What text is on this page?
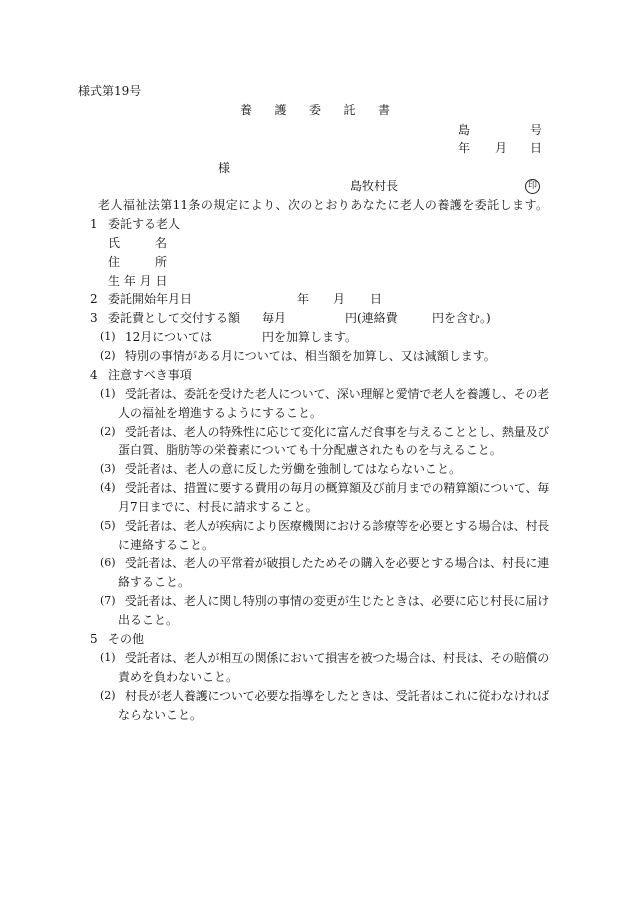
様式第19号
養 護 委 託 書
島	号
年 月 日
様
島牧村長	印
老人福祉法第11条の規定により、次のとおりあなたに老人の養護を委託します。
1 委託する老人
氏	名
住	所
生 年 月 日
2 委託開始年月日	年 月 日
3 委託費として交付する額 毎月	円(連絡費	円を含む。)
(1) 12月については	円を加算します。
(2) 特別の事情がある月については、相当額を加算し、又は減額します。
4 注意すべき事項
(1) 受託者は、委託を受けた老人について、深い理解と愛情で老人を養護し、その老
人の福祉を増進するようにすること。
(2) 受託者は、老人の特殊性に応じて変化に富んだ食事を与えることとし、熱量及び
蛋白質、脂肪等の栄養素についても十分配慮されたものを与えること。
(3) 受託者は、老人の意に反した労働を強制してはならないこと。
(4) 受託者は、措置に要する費用の毎月の概算額及び前月までの精算額について、毎
月7日までに、村長に請求すること。
(5) 受託者は、老人が疾病により医療機関における診療等を必要とする場合は、村長
に連絡すること。
(6) 受託者は、老人の平常着が破損したためその購入を必要とする場合は、村長に連
絡すること。
(7) 受託者は、老人に関し特別の事情の変更が生じたときは、必要に応じ村長に届け
出ること。
5 その他
(1) 受託者は、老人が相互の関係において損害を被つた場合は、村長は、その賠償の
責めを負わないこと。
(2) 村長が老人養護について必要な指導をしたときは、受託者はこれに従わなければ
ならないこと。
